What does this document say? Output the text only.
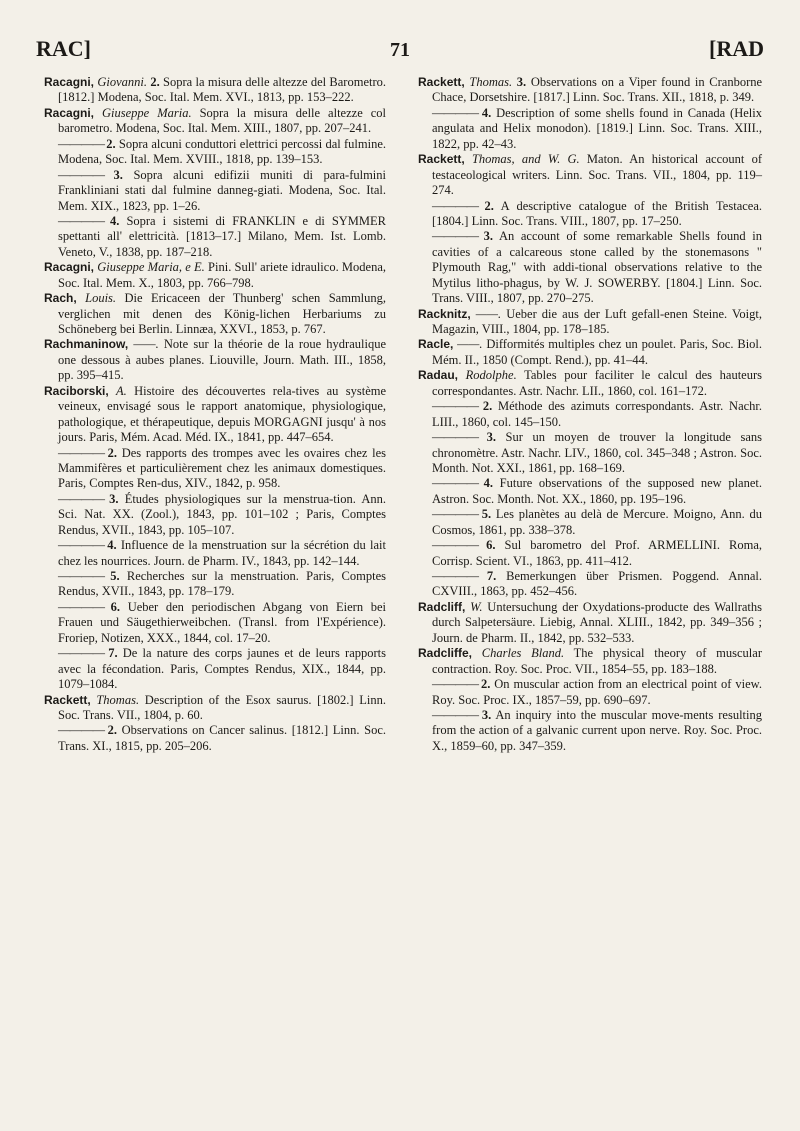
RAC]	71	[RAD

Racagni, Giovanni. 2. Sopra la misura delle altezze del Barometro. [1812.] Modena, Soc. Ital. Mem. XVI., 1813, pp. 153–222.

Racagni, Giuseppe Maria. Sopra la misura delle altezze col barometro. Modena, Soc. Ital. Mem. XIII., 1807, pp. 207–241.

———— 2. Sopra alcuni conduttori elettrici percossi dal fulmine. Modena, Soc. Ital. Mem. XVIII., 1818, pp. 139–153.

———— 3. Sopra alcuni edifizii muniti di para-fulmini Frankliniani stati dal fulmine danneg-giati. Modena, Soc. Ital. Mem. XIX., 1823, pp. 1–26.

———— 4. Sopra i sistemi di FRANKLIN e di SYMMER spettanti all' elettricità. [1813–17.] Milano, Mem. Ist. Lomb. Veneto, V., 1838, pp. 187–218.

Racagni, Giuseppe Maria, e E. Pini. Sull' ariete idraulico. Modena, Soc. Ital. Mem. X., 1803, pp. 766–798.

Rach, Louis. Die Ericaceen der Thunberg' schen Sammlung, verglichen mit denen des König-lichen Herbariums zu Schöneberg bei Berlin. Linnæa, XXVI., 1853, p. 767.

Rachmaninow, ——. Note sur la théorie de la roue hydraulique one dessous à aubes planes. Liouville, Journ. Math. III., 1858, pp. 395–415.

Raciborski, A. Histoire des découvertes rela-tives au système veineux, envisagé sous le rapport anatomique, physiologique, pathologique, et thérapeutique, depuis MORGAGNI jusqu' à nos jours. Paris, Mém. Acad. Méd. IX., 1841, pp. 447–654.

———— 2. Des rapports des trompes avec les ovaires chez les Mammifères et particulièrement chez les animaux domestiques. Paris, Comptes Ren-dus, XIV., 1842, p. 958.

———— 3. Études physiologiques sur la menstrua-tion. Ann. Sci. Nat. XX. (Zool.), 1843, pp. 101–102 ; Paris, Comptes Rendus, XVII., 1843, pp. 105–107.

———— 4. Influence de la menstruation sur la sécrétion du lait chez les nourrices. Journ. de Pharm. IV., 1843, pp. 142–144.

———— 5. Recherches sur la menstruation. Paris, Comptes Rendus, XVII., 1843, pp. 178–179.

———— 6. Ueber den periodischen Abgang von Eiern bei Frauen und Säugethierweibchen. (Transl. from l'Expérience). Froriep, Notizen, XXX., 1844, col. 17–20.

———— 7. De la nature des corps jaunes et de leurs rapports avec la fécondation. Paris, Comptes Rendus, XIX., 1844, pp. 1079–1084.

Rackett, Thomas. Description of the Esox saurus. [1802.] Linn. Soc. Trans. VII., 1804, p. 60.

———— 2. Observations on Cancer salinus. [1812.] Linn. Soc. Trans. XI., 1815, pp. 205–206.

Rackett, Thomas. 3. Observations on a Viper found in Cranborne Chace, Dorsetshire. [1817.] Linn. Soc. Trans. XII., 1818, p. 349.

———— 4. Description of some shells found in Canada (Helix angulata and Helix monodon). [1819.] Linn. Soc. Trans. XIII., 1822, pp. 42–43.

Rackett, Thomas, and W. G. Maton. An historical account of testaceological writers. Linn. Soc. Trans. VII., 1804, pp. 119–274.

———— 2. A descriptive catalogue of the British Testacea. [1804.] Linn. Soc. Trans. VIII., 1807, pp. 17–250.

———— 3. An account of some remarkable Shells found in cavities of a calcareous stone called by the stonemasons " Plymouth Rag," with addi-tional observations relative to the Mytilus litho-phagus, by W. J. SOWERBY. [1804.] Linn. Soc. Trans. VIII., 1807, pp. 270–275.

Racknitz, ——. Ueber die aus der Luft gefall-enen Steine. Voigt, Magazin, VIII., 1804, pp. 178–185.

Racle, ——. Difformités multiples chez un poulet. Paris, Soc. Biol. Mém. II., 1850 (Compt. Rend.), pp. 41–44.

Radau, Rodolphe. Tables pour faciliter le calcul des hauteurs correspondantes. Astr. Nachr. LII., 1860, col. 161–172.

———— 2. Méthode des azimuts correspondants. Astr. Nachr. LIII., 1860, col. 145–150.

———— 3. Sur un moyen de trouver la longitude sans chronomètre. Astr. Nachr. LIV., 1860, col. 345–348 ; Astron. Soc. Month. Not. XXI., 1861, pp. 168–169.

———— 4. Future observations of the supposed new planet. Astron. Soc. Month. Not. XX., 1860, pp. 195–196.

———— 5. Les planètes au delà de Mercure. Moigno, Ann. du Cosmos, 1861, pp. 338–378.

———— 6. Sul barometro del Prof. ARMELLINI. Roma, Corrisp. Scient. VI., 1863, pp. 411–412.

———— 7. Bemerkungen über Prismen. Poggend. Annal. CXVIII., 1863, pp. 452–456.

Radcliff, W. Untersuchung der Oxydations-producte des Wallraths durch Salpetersäure. Liebig, Annal. XLIII., 1842, pp. 349–356 ; Journ. de Pharm. II., 1842, pp. 532–533.

Radcliffe, Charles Bland. The physical theory of muscular contraction. Roy. Soc. Proc. VII., 1854–55, pp. 183–188.

———— 2. On muscular action from an electrical point of view. Roy. Soc. Proc. IX., 1857–59, pp. 690–697.

———— 3. An inquiry into the muscular move-ments resulting from the action of a galvanic current upon nerve. Roy. Soc. Proc. X., 1859–60, pp. 347–359.
